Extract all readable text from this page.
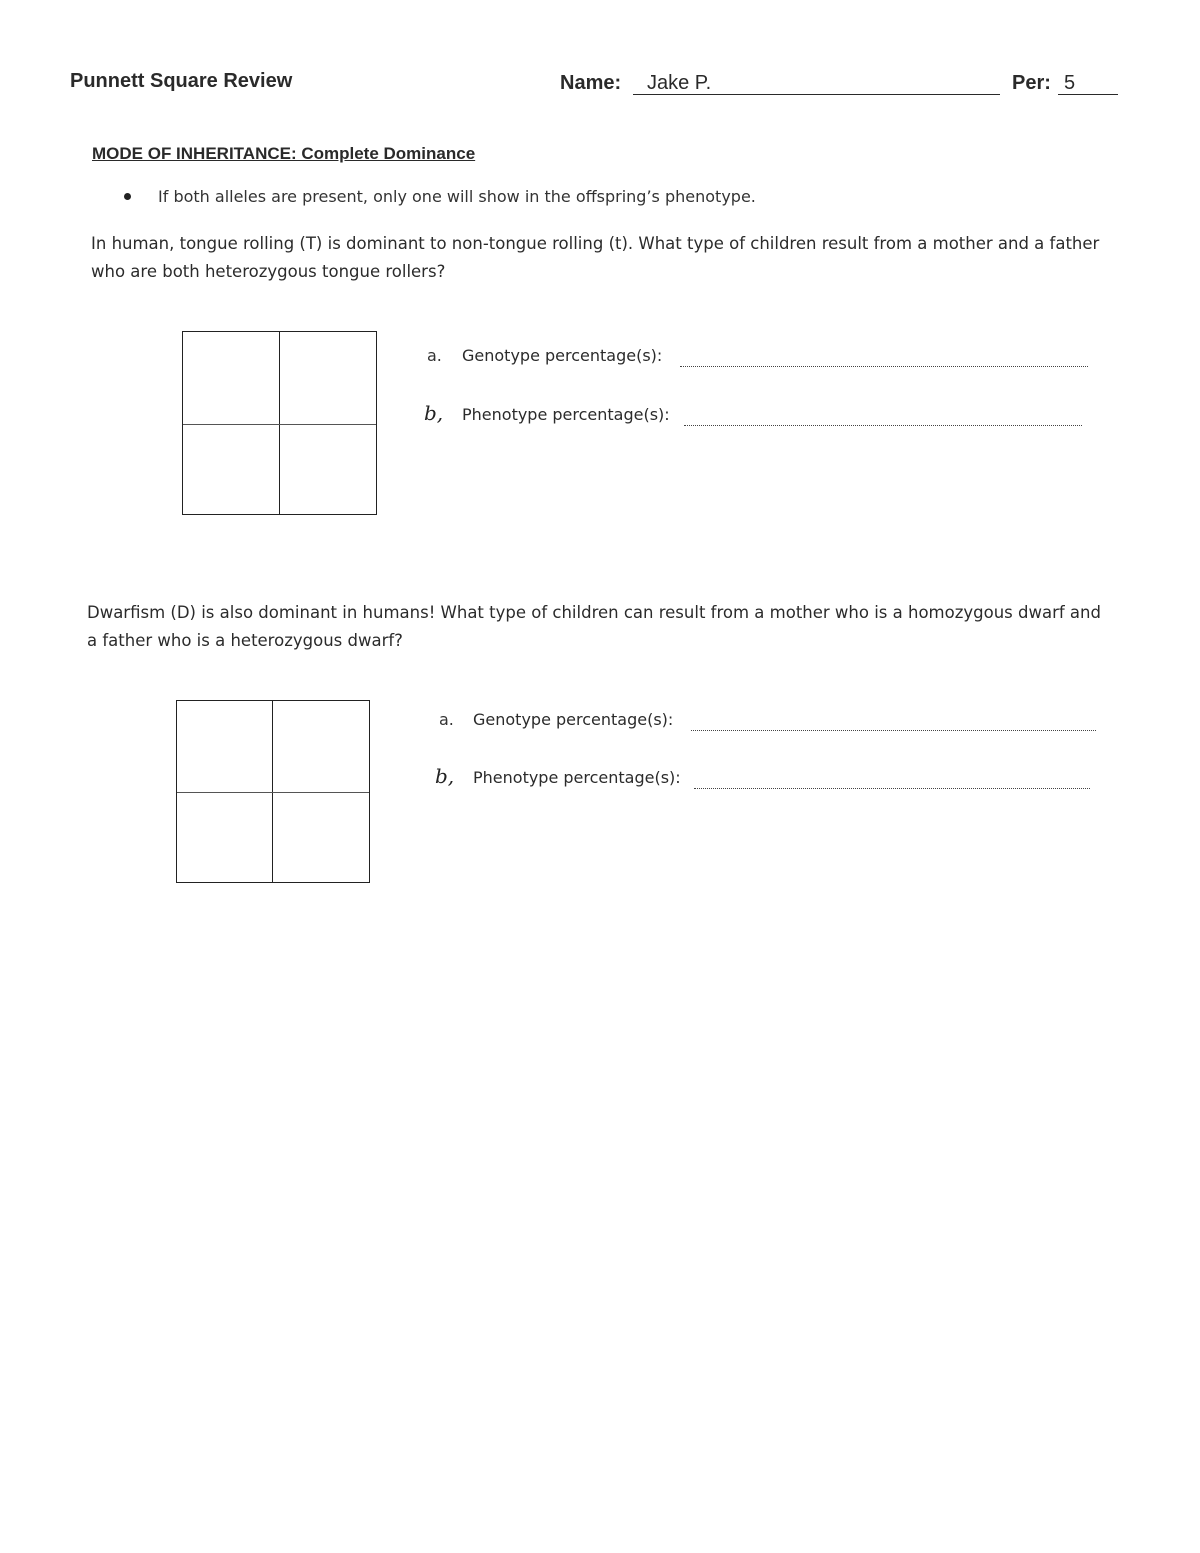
Punnett Square Review	Name: Jake P.	Per: 5
MODE OF INHERITANCE: Complete Dominance
If both alleles are present, only one will show in the offspring’s phenotype.
In human, tongue rolling (T) is dominant to non-tongue rolling (t). What type of children result from a mother and a father who are both heterozygous tongue rollers?
a. Genotype percentage(s):
b, Phenotype percentage(s):
Dwarfism (D) is also dominant in humans! What type of children can result from a mother who is a homozygous dwarf and a father who is a heterozygous dwarf?
a. Genotype percentage(s):
b, Phenotype percentage(s):
